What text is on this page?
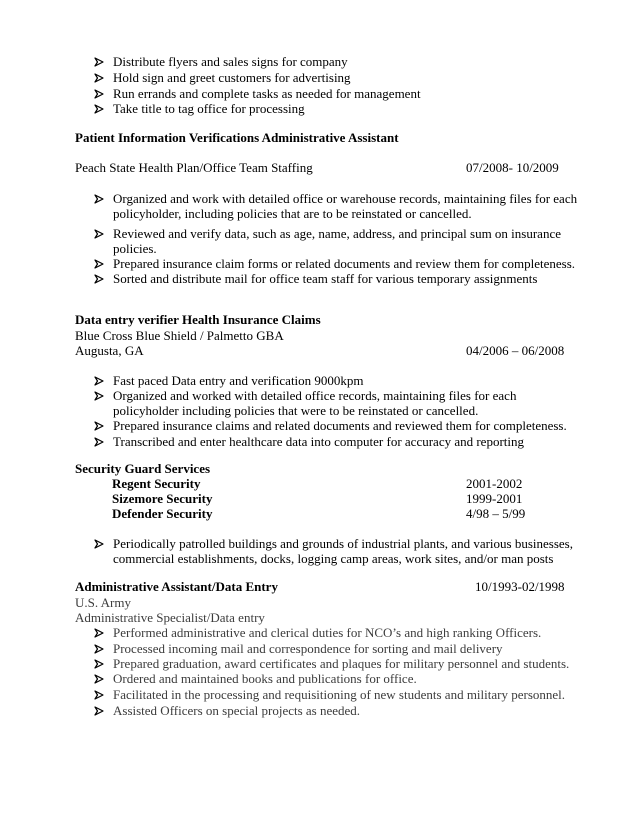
Distribute flyers and sales signs for company
Hold sign and greet customers for advertising
Run errands and complete tasks as needed for management
Take title to tag office for processing
Patient Information Verifications Administrative Assistant
Peach State Health Plan/Office Team Staffing	07/2008- 10/2009
Organized and work with detailed office or warehouse records, maintaining files for each
policyholder, including policies that are to be reinstated or cancelled.
Reviewed and verify data, such as age, name, address, and principal sum on insurance
policies.
Prepared insurance claim forms or related documents and review them for completeness.
Sorted and distribute mail for office team staff for various temporary assignments
Data entry verifier Health Insurance Claims
Blue Cross Blue Shield / Palmetto GBA
Augusta, GA	04/2006 – 06/2008
Fast paced Data entry and verification 9000kpm
Organized and worked with detailed office records, maintaining files for each
policyholder including policies that were to be reinstated or cancelled.
Prepared insurance claims and related documents and reviewed them for completeness.
Transcribed and enter healthcare data into computer for accuracy and reporting
Security Guard Services
Regent Security	2001-2002
Sizemore Security	1999-2001
Defender Security	4/98 – 5/99
Periodically patrolled buildings and grounds of industrial plants, and various businesses,
commercial establishments, docks, logging camp areas, work sites, and/or man posts
Administrative Assistant/Data Entry	10/1993-02/1998
U.S. Army
Administrative Specialist/Data entry
Performed administrative and clerical duties for NCO’s and high ranking Officers.
Processed incoming mail and correspondence for sorting and mail delivery
Prepared graduation, award certificates and plaques for military personnel and students.
Ordered and maintained books and publications for office.
Facilitated in the processing and requisitioning of new students and military personnel.
Assisted Officers on special projects as needed.
